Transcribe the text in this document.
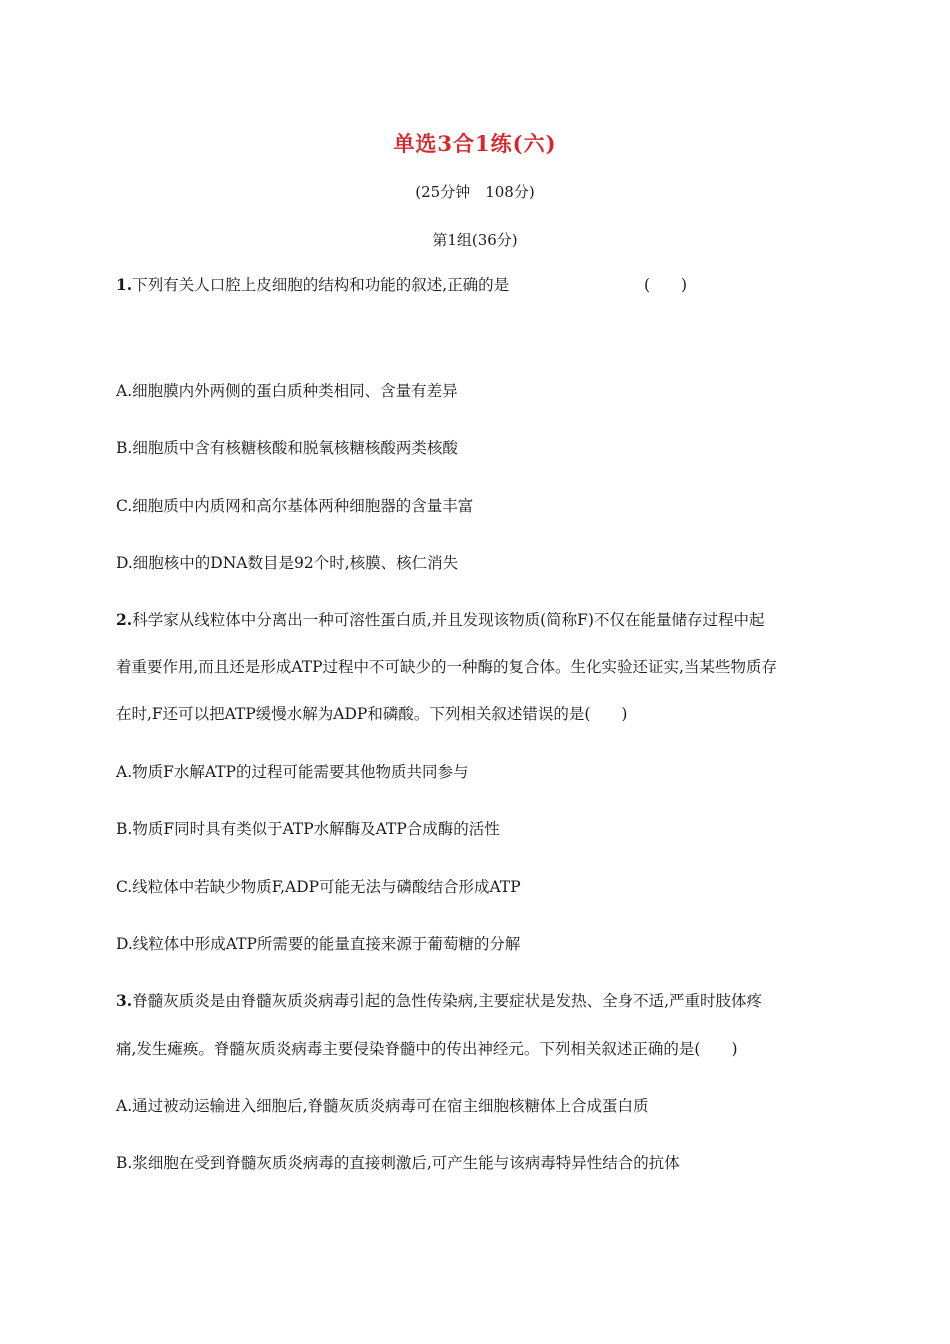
单选3合1练(六)
(25分钟　108分)
第1组(36分)
1.下列有关人口腔上皮细胞的结构和功能的叙述,正确的是	(　　)
A.细胞膜内外两侧的蛋白质种类相同、含量有差异
B.细胞质中含有核糖核酸和脱氧核糖核酸两类核酸
C.细胞质中内质网和高尔基体两种细胞器的含量丰富
D.细胞核中的DNA数目是92个时,核膜、核仁消失
2.科学家从线粒体中分离出一种可溶性蛋白质,并且发现该物质(简称F)不仅在能量储存过程中起
着重要作用,而且还是形成ATP过程中不可缺少的一种酶的复合体。生化实验还证实,当某些物质存
在时,F还可以把ATP缓慢水解为ADP和磷酸。下列相关叙述错误的是(　　)
A.物质F水解ATP的过程可能需要其他物质共同参与
B.物质F同时具有类似于ATP水解酶及ATP合成酶的活性
C.线粒体中若缺少物质F,ADP可能无法与磷酸结合形成ATP
D.线粒体中形成ATP所需要的能量直接来源于葡萄糖的分解
3.脊髓灰质炎是由脊髓灰质炎病毒引起的急性传染病,主要症状是发热、全身不适,严重时肢体疼
痛,发生瘫痪。脊髓灰质炎病毒主要侵染脊髓中的传出神经元。下列相关叙述正确的是(　　)
A.通过被动运输进入细胞后,脊髓灰质炎病毒可在宿主细胞核糖体上合成蛋白质
B.浆细胞在受到脊髓灰质炎病毒的直接刺激后,可产生能与该病毒特异性结合的抗体
